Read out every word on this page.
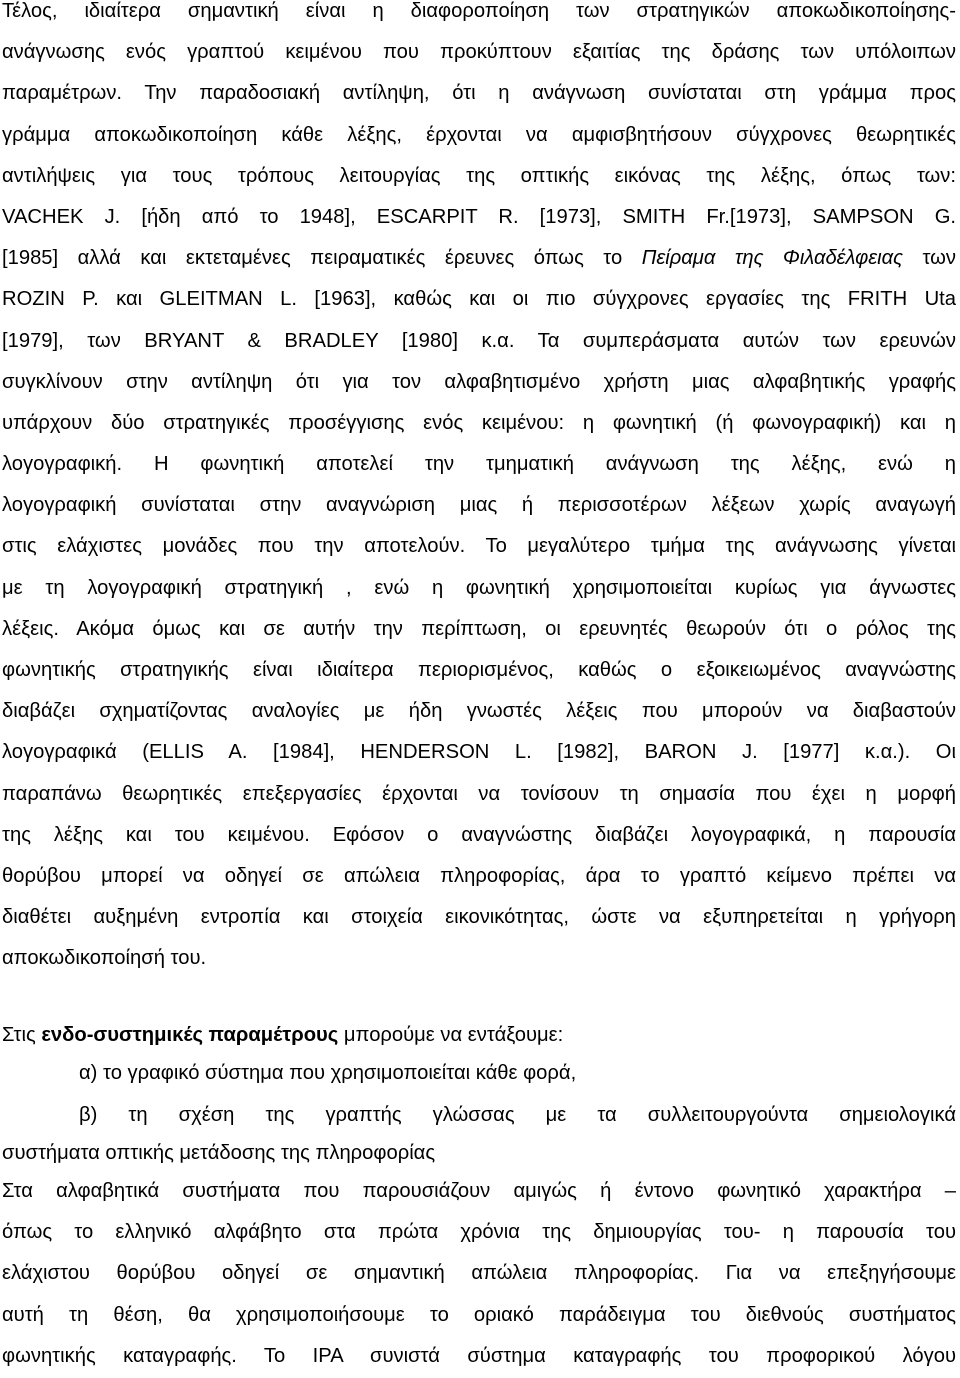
Τέλος, ιδιαίτερα σημαντική είναι η διαφοροποίηση των στρατηγικών αποκωδικοποίησης-
ανάγνωσης ενός γραπτού κειμένου που προκύπτουν εξαιτίας της δράσης των υπόλοιπων
παραμέτρων. Την παραδοσιακή αντίληψη, ότι η ανάγνωση συνίσταται στη γράμμα προς
γράμμα αποκωδικοποίηση κάθε λέξης, έρχονται να αμφισβητήσουν σύγχρονες θεωρητικές
αντιλήψεις για τους τρόπους λειτουργίας της οπτικής εικόνας της λέξης, όπως των:
VACHEK J. [ήδη από το 1948], ESCARPIT R. [1973], SMITH Fr.[1973], SAMPSON G.
[1985] αλλά και εκτεταμένες πειραματικές έρευνες όπως το Πείραμα της Φιλαδέλφειας των
ROZIN P. και GLEITMAN L. [1963], καθώς και οι πιο σύγχρονες εργασίες της FRITH Uta
[1979], των BRYANT & BRADLEY [1980] κ.α. Τα συμπεράσματα αυτών των ερευνών
συγκλίνουν στην αντίληψη ότι για τον αλφαβητισμένο χρήστη μιας αλφαβητικής γραφής
υπάρχουν δύο στρατηγικές προσέγγισης ενός κειμένου: η φωνητική (ή φωνογραφική) και η
λογογραφική. Η φωνητική αποτελεί την τμηματική ανάγνωση της λέξης, ενώ η
λογογραφική συνίσταται στην αναγνώριση μιας ή περισσοτέρων λέξεων χωρίς αναγωγή
στις ελάχιστες μονάδες που την αποτελούν. Το μεγαλύτερο τμήμα της ανάγνωσης γίνεται
με τη λογογραφική στρατηγική , ενώ η φωνητική χρησιμοποιείται κυρίως για άγνωστες
λέξεις. Ακόμα όμως και σε αυτήν την περίπτωση, οι ερευνητές θεωρούν ότι ο ρόλος της
φωνητικής στρατηγικής είναι ιδιαίτερα περιορισμένος, καθώς ο εξοικειωμένος αναγνώστης
διαβάζει σχηματίζοντας αναλογίες με ήδη γνωστές λέξεις που μπορούν να διαβαστούν
λογογραφικά (ELLIS A. [1984], HENDERSON L. [1982], BARON J. [1977] κ.α.). Οι
παραπάνω θεωρητικές επεξεργασίες έρχονται να τονίσουν τη σημασία που έχει η μορφή
της λέξης και του κειμένου. Εφόσον ο αναγνώστης διαβάζει λογογραφικά, η παρουσία
θορύβου μπορεί να οδηγεί σε απώλεια πληροφορίας, άρα το γραπτό κείμενο πρέπει να
διαθέτει αυξημένη εντροπία και στοιχεία εικονικότητας, ώστε να εξυπηρετείται η γρήγορη
αποκωδικοποίησή του.
Στις ενδο-συστημικές παραμέτρους μπορούμε να εντάξουμε:
α) το γραφικό σύστημα που χρησιμοποιείται κάθε φορά,
β) τη σχέση της γραπτής γλώσσας με τα συλλειτουργούντα σημειολογικά
συστήματα οπτικής μετάδοσης της πληροφορίας
Στα αλφαβητικά συστήματα που παρουσιάζουν αμιγώς ή έντονο φωνητικό χαρακτήρα –
όπως το ελληνικό αλφάβητο στα πρώτα χρόνια της δημιουργίας του- η παρουσία του
ελάχιστου θορύβου οδηγεί σε σημαντική απώλεια πληροφορίας. Για να επεξηγήσουμε
αυτή τη θέση, θα χρησιμοποιήσουμε το οριακό παράδειγμα του διεθνούς συστήματος
φωνητικής καταγραφής. Το IPA συνιστά σύστημα καταγραφής του προφορικού λόγου
